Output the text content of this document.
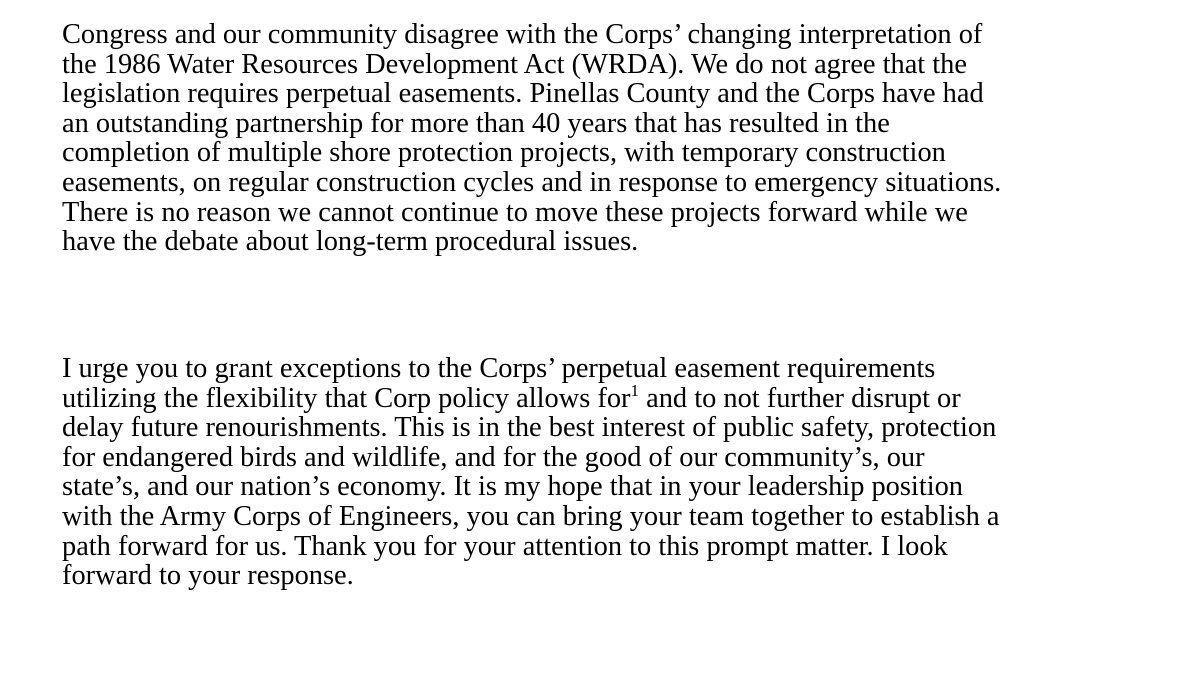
Congress and our community disagree with the Corps’ changing interpretation of
the 1986 Water Resources Development Act (WRDA). We do not agree that the
legislation requires perpetual easements. Pinellas County and the Corps have had
an outstanding partnership for more than 40 years that has resulted in the
completion of multiple shore protection projects, with temporary construction
easements, on regular construction cycles and in response to emergency situations.
There is no reason we cannot continue to move these projects forward while we
have the debate about long-term procedural issues.

I urge you to grant exceptions to the Corps’ perpetual easement requirements
utilizing the flexibility that Corp policy allows for$^1$ and to not further disrupt or
delay future renourishments. This is in the best interest of public safety, protection
for endangered birds and wildlife, and for the good of our community’s, our
state’s, and our nation’s economy. It is my hope that in your leadership position
with the Army Corps of Engineers, you can bring your team together to establish a
path forward for us. Thank you for your attention to this prompt matter. I look
forward to your response.
